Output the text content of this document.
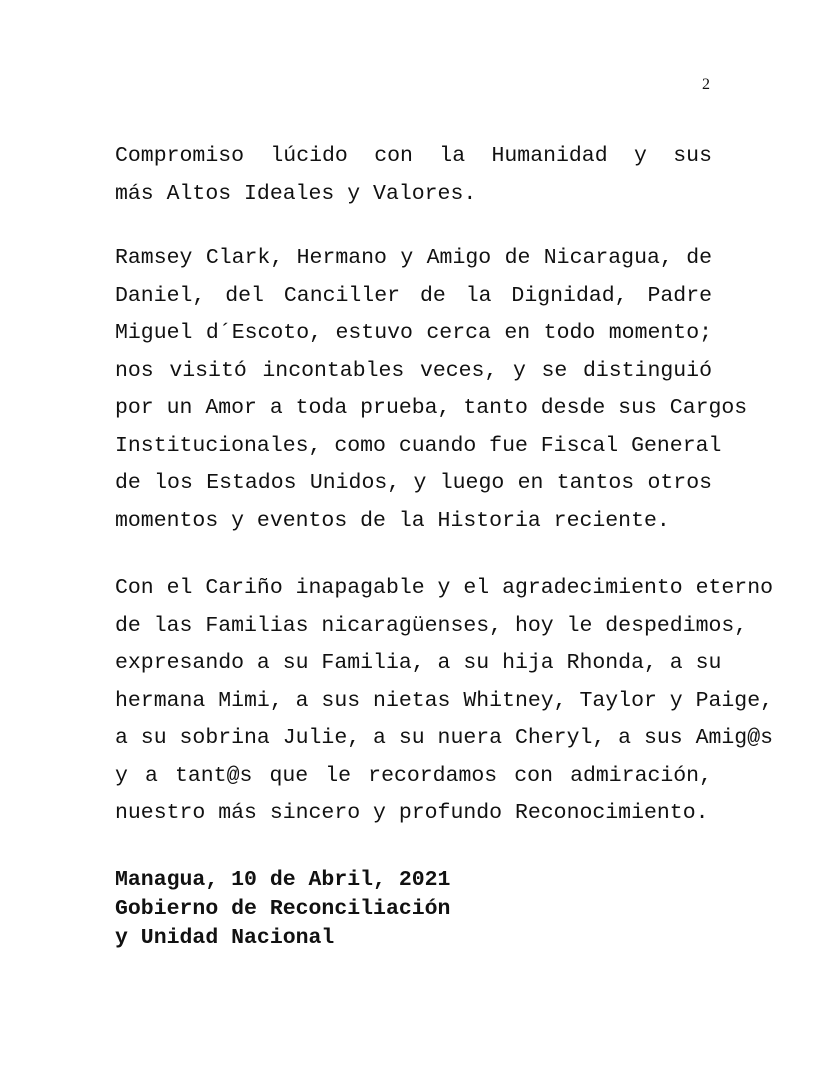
2
Compromiso lúcido con la Humanidad y sus
más Altos Ideales y Valores.
Ramsey Clark, Hermano y Amigo de Nicaragua, de
Daniel, del Canciller de la Dignidad, Padre
Miguel d´Escoto, estuvo cerca en todo momento;
nos visitó incontables veces, y se distinguió
por un Amor a toda prueba, tanto desde sus Cargos
Institucionales, como cuando fue Fiscal General
de los Estados Unidos, y luego en tantos otros
momentos y eventos de la Historia reciente.
Con el Cariño inapagable y el agradecimiento eterno
de las Familias nicaragüenses, hoy le despedimos,
expresando a su Familia, a su hija Rhonda, a su
hermana Mimi, a sus nietas Whitney, Taylor y Paige,
a su sobrina Julie, a su nuera Cheryl, a sus Amig@s
y a tant@s que le recordamos con admiración,
nuestro más sincero y profundo Reconocimiento.
Managua, 10 de Abril, 2021
Gobierno de Reconciliación
y Unidad Nacional
